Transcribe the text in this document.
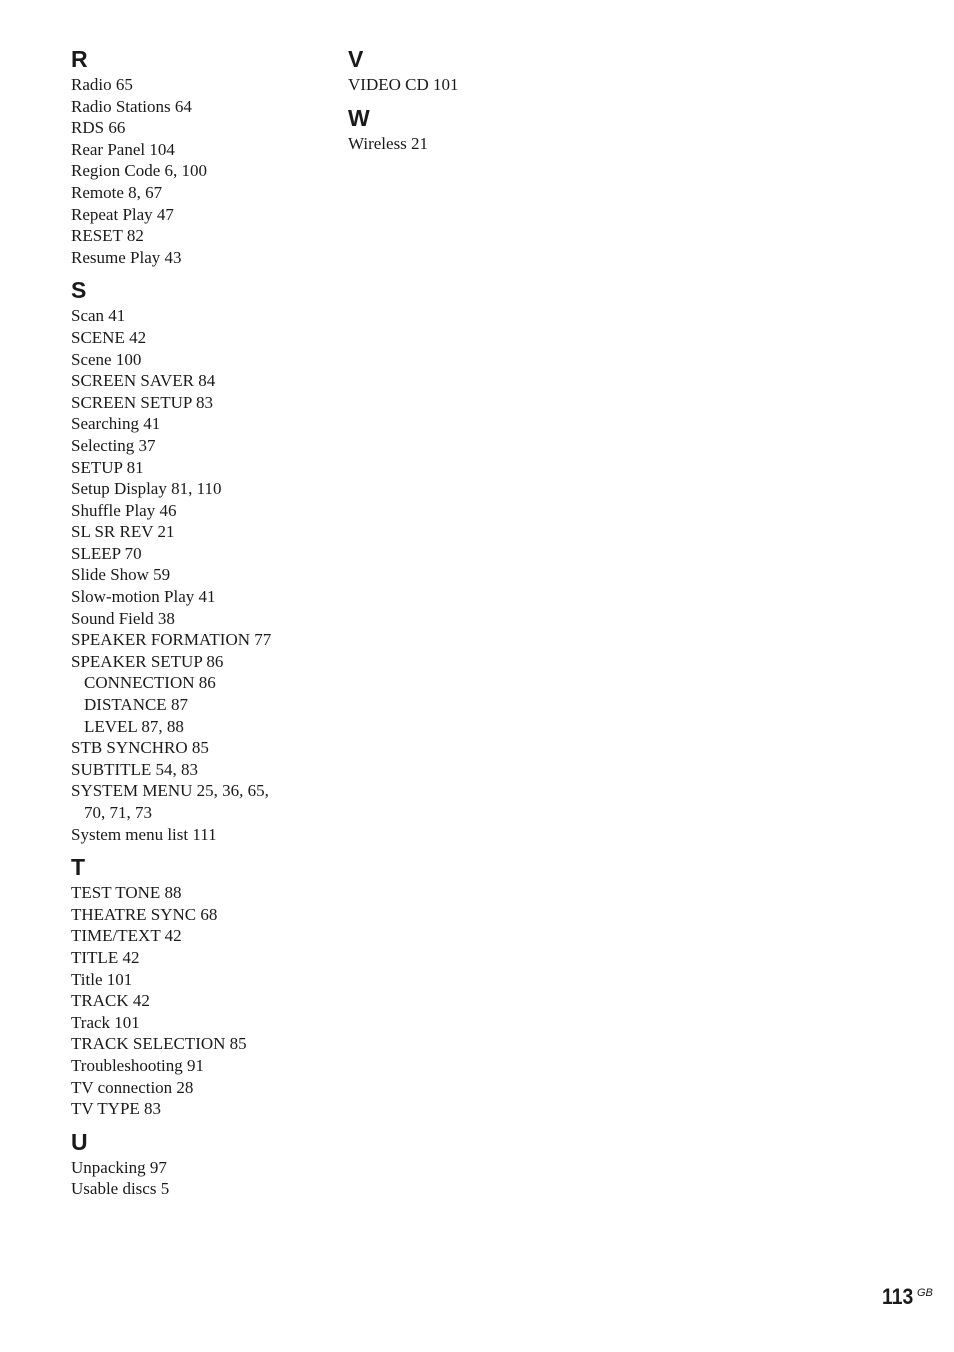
R
Radio 65
Radio Stations 64
RDS 66
Rear Panel 104
Region Code 6, 100
Remote 8, 67
Repeat Play 47
RESET 82
Resume Play 43
S
Scan 41
SCENE 42
Scene 100
SCREEN SAVER 84
SCREEN SETUP 83
Searching 41
Selecting 37
SETUP 81
Setup Display 81, 110
Shuffle Play 46
SL SR REV 21
SLEEP 70
Slide Show 59
Slow-motion Play 41
Sound Field 38
SPEAKER FORMATION 77
SPEAKER SETUP 86
CONNECTION 86
DISTANCE 87
LEVEL 87, 88
STB SYNCHRO 85
SUBTITLE 54, 83
SYSTEM MENU 25, 36, 65,
70, 71, 73
System menu list 111
T
TEST TONE 88
THEATRE SYNC 68
TIME/TEXT 42
TITLE 42
Title 101
TRACK 42
Track 101
TRACK SELECTION 85
Troubleshooting 91
TV connection 28
TV TYPE 83
U
Unpacking 97
Usable discs 5
V
VIDEO CD 101
W
Wireless 21
113 GB
